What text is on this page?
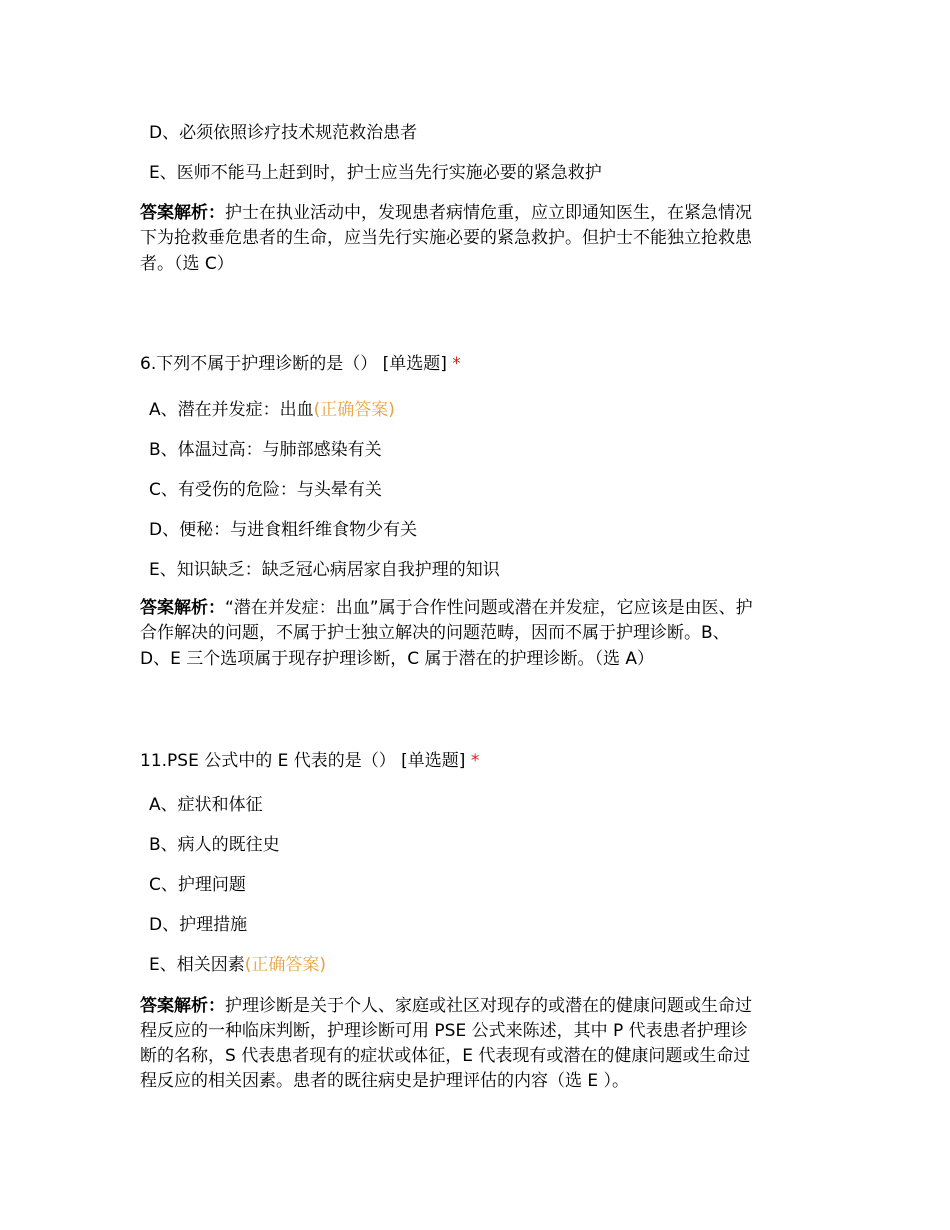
D、必须依照诊疗技术规范救治患者
E、医师不能马上赶到时，护士应当先行实施必要的紧急救护
答案解析：护士在执业活动中，发现患者病情危重，应立即通知医生，在紧急情况
下为抢救垂危患者的生命，应当先行实施必要的紧急救护。但护士不能独立抢救患
者。（选 C）
6.下列不属于护理诊断的是（） [单选题] *
A、潜在并发症：出血(正确答案)
B、体温过高：与肺部感染有关
C、有受伤的危险：与头晕有关
D、便秘：与进食粗纤维食物少有关
E、知识缺乏：缺乏冠心病居家自我护理的知识
答案解析：“潜在并发症：出血”属于合作性问题或潜在并发症，它应该是由医、护
合作解决的问题，不属于护士独立解决的问题范畴，因而不属于护理诊断。B、
D、E 三个选项属于现存护理诊断，C 属于潜在的护理诊断。（选 A）
11.PSE 公式中的 E 代表的是（） [单选题] *
A、症状和体征
B、病人的既往史
C、护理问题
D、护理措施
E、相关因素(正确答案)
答案解析：护理诊断是关于个人、家庭或社区对现存的或潜在的健康问题或生命过
程反应的一种临床判断，护理诊断可用 PSE 公式来陈述，其中 P 代表患者护理诊
断的名称，S 代表患者现有的症状或体征，E 代表现有或潜在的健康问题或生命过
程反应的相关因素。患者的既往病史是护理评估的内容（选 E ）。
